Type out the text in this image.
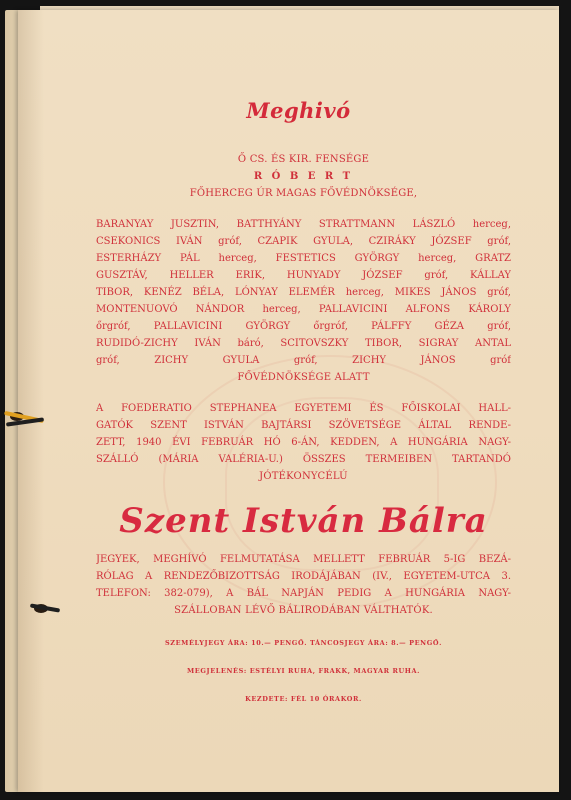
Meghivó
Ő CS. ÉS KIR. FENSÉGE
R Ó B E R T
FŐHERCEG ÚR MAGAS FŐVÉDNÖKSÉGE,
BARANYAY JUSZTIN, BATTHYÁNY STRATTMANN LÁSZLÓ herceg,
CSEKONICS IVÁN gróf, CZAPIK GYULA, CZIRÁKY JÓZSEF gróf,
ESTERHÁZY PÁL herceg, FESTETICS GYÖRGY herceg, GRATZ
GUSZTÁV, HELLER ERIK, HUNYADY JÓZSEF gróf, KÁLLAY
TIBOR, KENÉZ BÉLA, LÓNYAY ELEMÉR herceg, MIKES JÁNOS gróf,
MONTENUOVÓ NÁNDOR herceg, PALLAVICINI ALFONS KÁROLY
őrgróf, PALLAVICINI GYÖRGY őrgróf, PÁLFFY GÉZA gróf,
RUDIDÓ-ZICHY IVÁN báró, SCITOVSZKY TIBOR, SIGRAY ANTAL
gróf, ZICHY GYULA gróf, ZICHY JÁNOS gróf
FŐVÉDNÖKSÉGE ALATT
A FOEDERATIO STEPHANEA EGYETEMI ÉS FŐISKOLAI HALL-
GATÓK SZENT ISTVÁN BAJTÁRSI SZÖVETSÉGE ÁLTAL RENDE-
ZETT, 1940 ÉVI FEBRUÁR HÓ 6-ÁN, KEDDEN, A HUNGÁRIA NAGY-
SZÁLLÓ (MÁRIA VALÉRIA-U.) ÖSSZES TERMEIBEN TARTANDÓ
JÓTÉKONYCÉLÚ
Szent István Bálra
JEGYEK, MEGHÍVÓ FELMUTATÁSA MELLETT FEBRUÁR 5-IG BEZÁ-
RÓLAG A RENDEZŐBIZOTTSÁG IRODÁJÁBAN (IV., EGYETEM-UTCA 3.
TELEFON: 382-079), A BÁL NAPJÁN PEDIG A HUNGÁRIA NAGY-
SZÁLLOBAN LÉVŐ BÁLIRODÁBAN VÁLTHATÓK.
SZEMÉLYJEGY ÁRA: 10.— PENGŐ. TÁNCOSJEGY ÁRA: 8.— PENGŐ.
MEGJELENÉS: ESTÉLYI RUHA, FRAKK, MAGYAR RUHA.
KEZDETE: FÉL 10 ÓRAKOR.
